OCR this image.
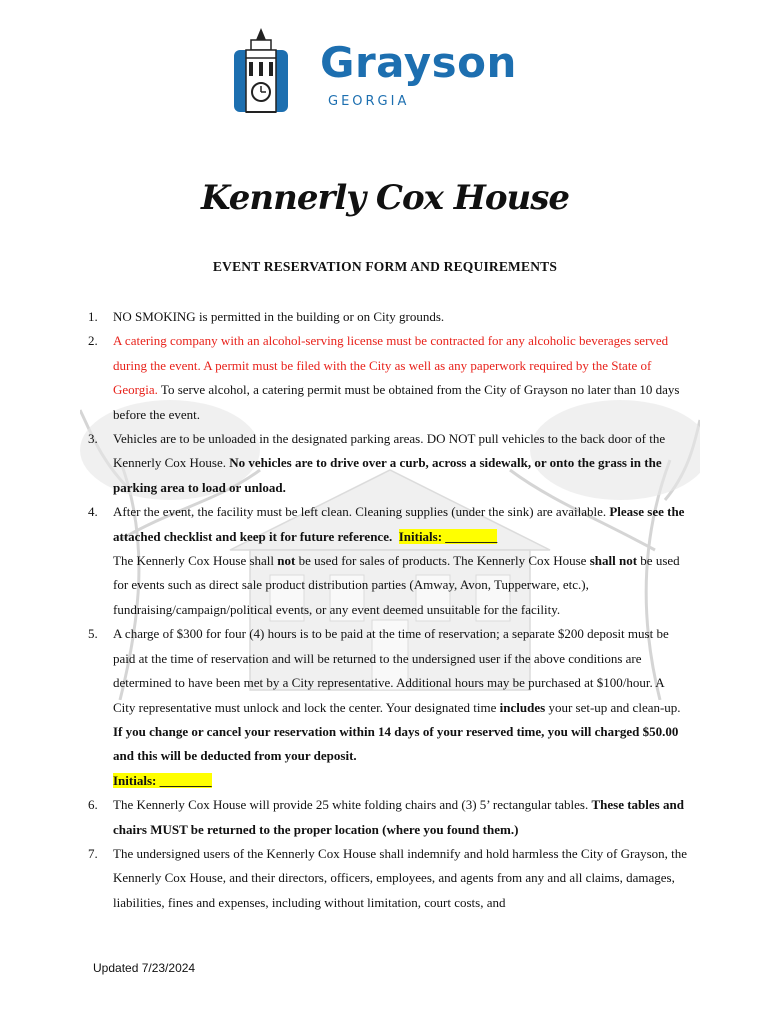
Grayson
GEORGIA
Kennerly Cox House
EVENT RESERVATION FORM AND REQUIREMENTS
1. NO SMOKING is permitted in the building or on City grounds.
2. A catering company with an alcohol-serving license must be contracted for any alcoholic beverages served during the event. A permit must be filed with the City as well as any paperwork required by the State of Georgia. To serve alcohol, a catering permit must be obtained from the City of Grayson no later than 10 days before the event.
3. Vehicles are to be unloaded in the designated parking areas. DO NOT pull vehicles to the back door of the Kennerly Cox House. No vehicles are to drive over a curb, across a sidewalk, or onto the grass in the parking area to load or unload.
4. After the event, the facility must be left clean. Cleaning supplies (under the sink) are available. Please see the attached checklist and keep it for future reference. Initials: ________
The Kennerly Cox House shall not be used for sales of products. The Kennerly Cox House shall not be used for events such as direct sale product distribution parties (Amway, Avon, Tupperware, etc.), fundraising/campaign/political events, or any event deemed unsuitable for the facility.
5. A charge of $300 for four (4) hours is to be paid at the time of reservation; a separate $200 deposit must be paid at the time of reservation and will be returned to the undersigned user if the above conditions are determined to have been met by a City representative. Additional hours may be purchased at $100/hour. A City representative must unlock and lock the center. Your designated time includes your set-up and clean-up. If you change or cancel your reservation within 14 days of your reserved time, you will charged $50.00 and this will be deducted from your deposit.
Initials: ________
6. The Kennerly Cox House will provide 25 white folding chairs and (3) 5’ rectangular tables. These tables and chairs MUST be returned to the proper location (where you found them.)
7. The undersigned users of the Kennerly Cox House shall indemnify and hold harmless the City of Grayson, the Kennerly Cox House, and their directors, officers, employees, and agents from any and all claims, damages, liabilities, fines and expenses, including without limitation, court costs, and
Updated 7/23/2024
